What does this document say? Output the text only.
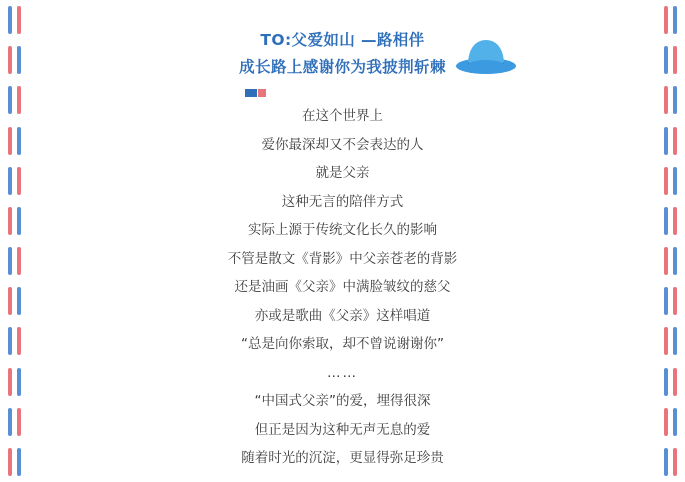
TO:父爱如山 —路相伴
成长路上感谢你为我披荆斩棘
在这个世界上
爱你最深却又不会表达的人
就是父亲
这种无言的陪伴方式
实际上源于传统文化长久的影响
不管是散文《背影》中父亲苍老的背影
还是油画《父亲》中满脸皱纹的慈父
亦或是歌曲《父亲》这样唱道
“总是向你索取，却不曾说谢谢你”
……
“中国式父亲”的爱，埋得很深
但正是因为这种无声无息的爱
随着时光的沉淀，更显得弥足珍贵
